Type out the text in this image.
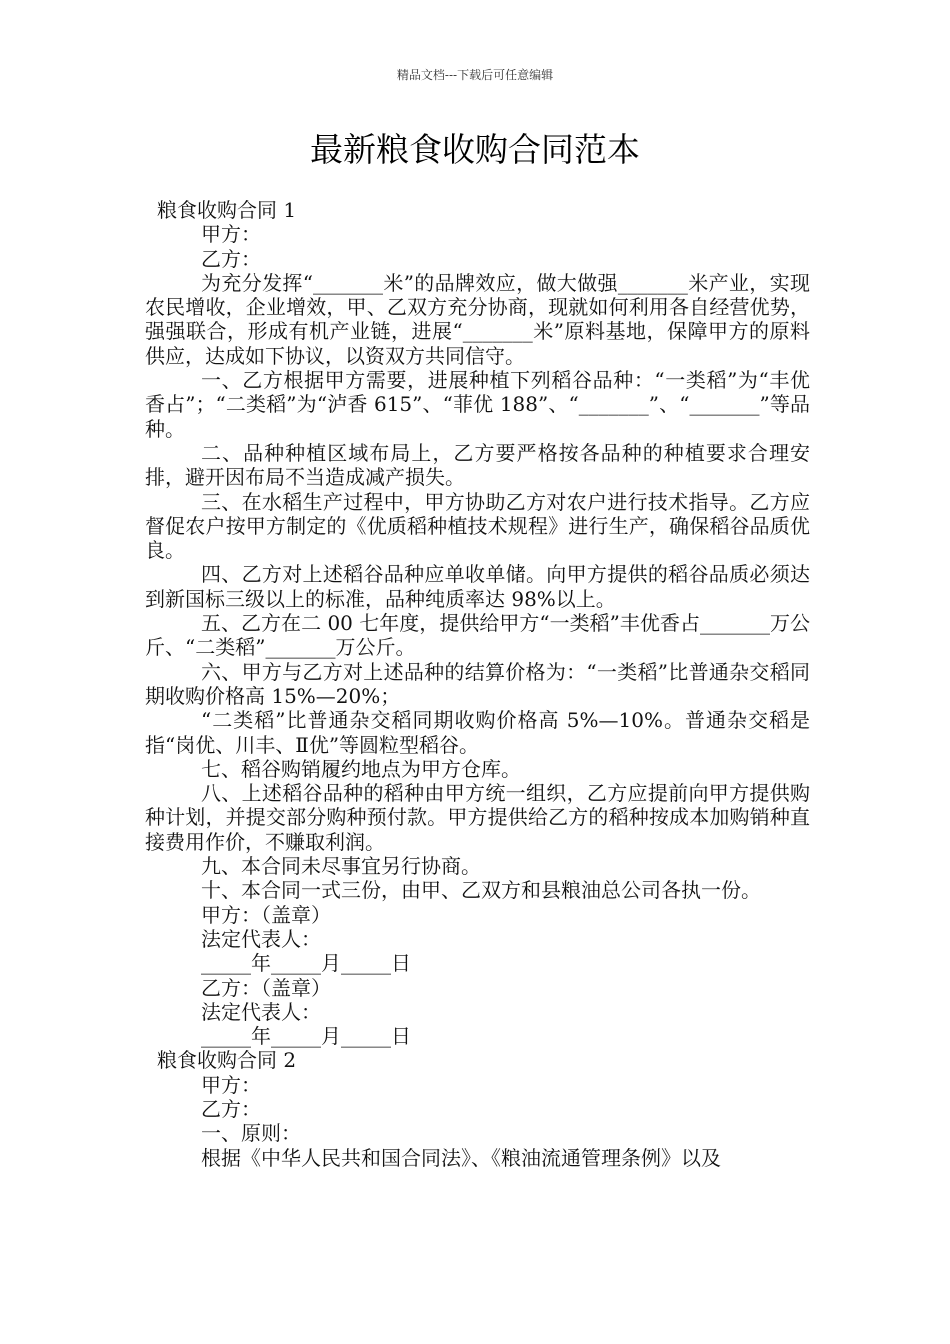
精品文档---下载后可任意编辑
最新粮食收购合同范本

粮食收购合同 1

甲方：

乙方：

为充分发挥“_______米”的品牌效应，做大做强_______米产业，实现农民增收，企业增效，甲、乙双方充分协商，现就如何利用各自经营优势，强强联合，形成有机产业链，进展“_______米”原料基地，保障甲方的原料供应，达成如下协议，以资双方共同信守。

一、乙方根据甲方需要，进展种植下列稻谷品种：“一类稻”为“丰优香占”；“二类稻”为“泸香 615”、“菲优 188”、“_______”、“_______”等品种。

二、品种种植区域布局上，乙方要严格按各品种的种植要求合理安排，避开因布局不当造成减产损失。

三、在水稻生产过程中，甲方协助乙方对农户进行技术指导。乙方应督促农户按甲方制定的《优质稻种植技术规程》进行生产，确保稻谷品质优良。

四、乙方对上述稻谷品种应单收单储。向甲方提供的稻谷品质必须达到新国标三级以上的标准，品种纯质率达 98%以上。

五、乙方在二 00 七年度，提供给甲方“一类稻”丰优香占_______万公斤、“二类稻”_______万公斤。

六、甲方与乙方对上述品种的结算价格为：“一类稻”比普通杂交稻同期收购价格高 15%—20%；

“二类稻”比普通杂交稻同期收购价格高 5%—10%。普通杂交稻是指“岗优、川丰、Ⅱ优”等圆粒型稻谷。

七、稻谷购销履约地点为甲方仓库。

八、上述稻谷品种的稻种由甲方统一组织，乙方应提前向甲方提供购种计划，并提交部分购种预付款。甲方提供给乙方的稻种按成本加购销种直接费用作价，不赚取利润。

九、本合同未尽事宜另行协商。

十、本合同一式三份，由甲、乙双方和县粮油总公司各执一份。

甲方：（盖章）

法定代表人：

_____年_____月_____日

乙方：（盖章）

法定代表人：

_____年_____月_____日

粮食收购合同 2

甲方：

乙方：

一、原则：

根据《中华人民共和国合同法》、《粮油流通管理条例》以及
